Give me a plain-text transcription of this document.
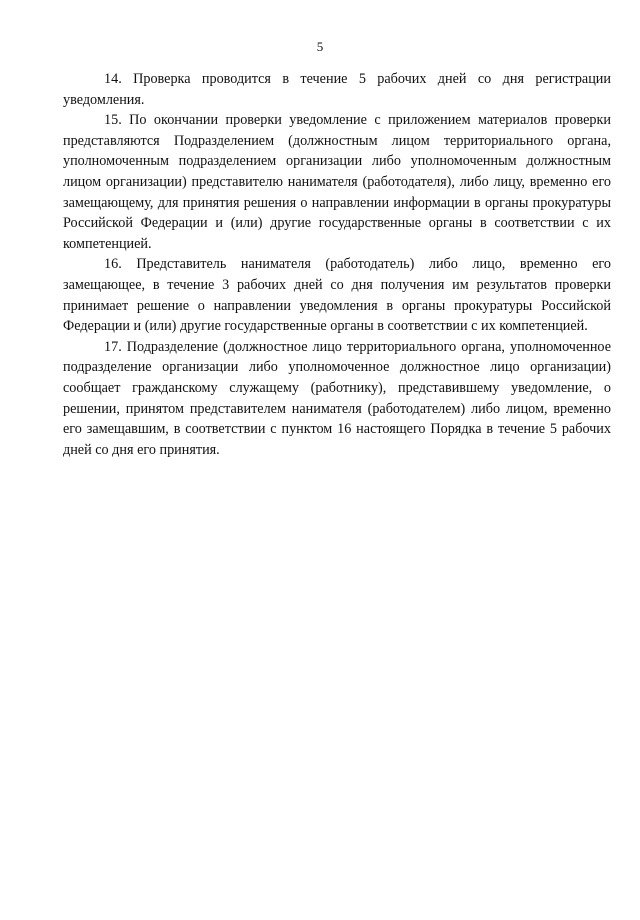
5

14. Проверка проводится в течение 5 рабочих дней со дня регистрации уведомления.

15. По окончании проверки уведомление с приложением материалов проверки представляются Подразделением (должностным лицом территориального органа, уполномоченным подразделением организации либо уполномоченным должностным лицом организации) представителю нанимателя (работодателя), либо лицу, временно его замещающему, для принятия решения о направлении информации в органы прокуратуры Российской Федерации и (или) другие государственные органы в соответствии с их компетенцией.

16. Представитель нанимателя (работодатель) либо лицо, временно его замещающее, в течение 3 рабочих дней со дня получения им результатов проверки принимает решение о направлении уведомления в органы прокуратуры Российской Федерации и (или) другие государственные органы в соответствии с их компетенцией.

17. Подразделение (должностное лицо территориального органа, уполномоченное подразделение организации либо уполномоченное должностное лицо организации) сообщает гражданскому служащему (работнику), представившему уведомление, о решении, принятом представителем нанимателя (работодателем) либо лицом, временно его замещавшим, в соответствии с пунктом 16 настоящего Порядка в течение 5 рабочих дней со дня его принятия.
